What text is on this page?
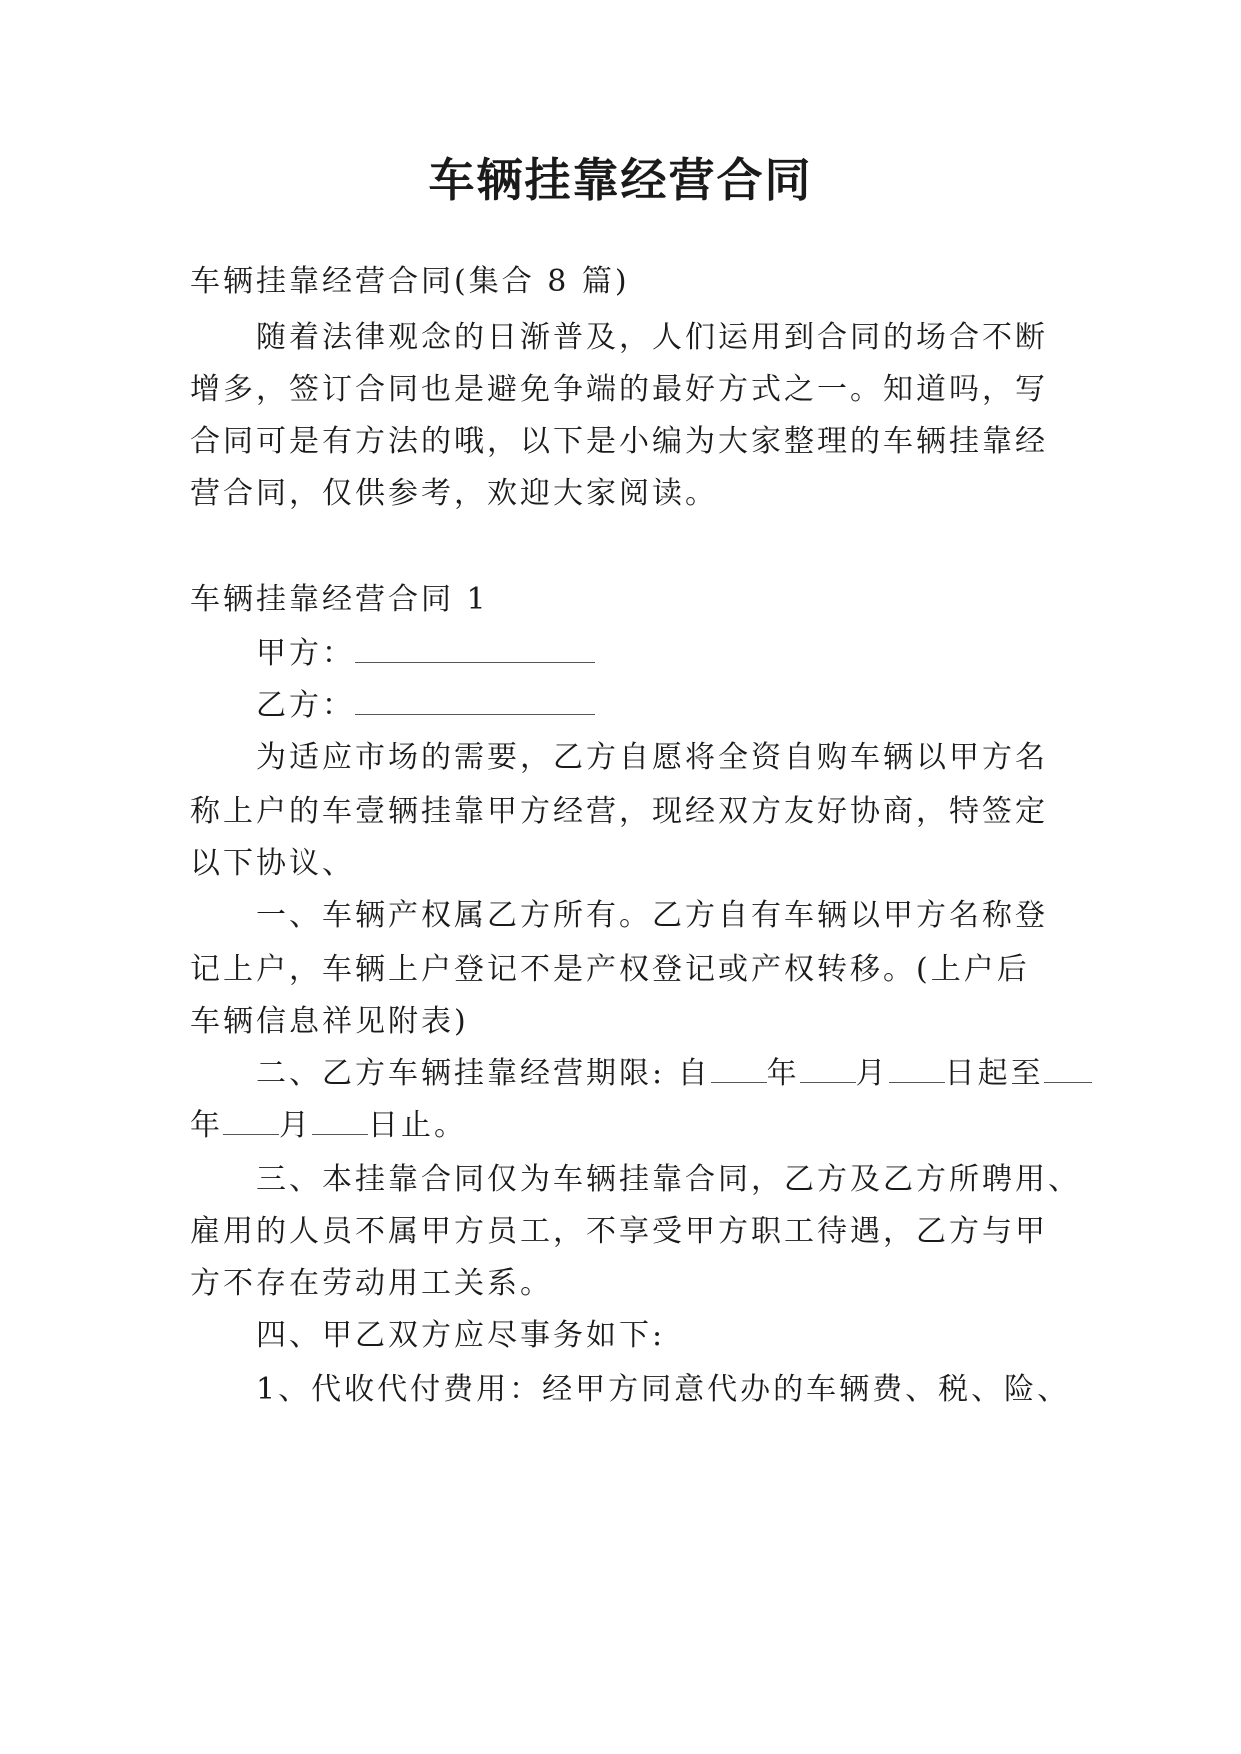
车辆挂靠经营合同
车辆挂靠经营合同(集合 8 篇)
随着法律观念的日渐普及，人们运用到合同的场合不断
增多，签订合同也是避免争端的最好方式之一。知道吗，写
合同可是有方法的哦，以下是小编为大家整理的车辆挂靠经
营合同，仅供参考，欢迎大家阅读。
车辆挂靠经营合同 1
甲方：
乙方：
为适应市场的需要，乙方自愿将全资自购车辆以甲方名
称上户的车壹辆挂靠甲方经营，现经双方友好协商，特签定
以下协议、
一、车辆产权属乙方所有。乙方自有车辆以甲方名称登
记上户，车辆上户登记不是产权登记或产权转移。(上户后
车辆信息祥见附表)
二、乙方车辆挂靠经营期限: 自 年 月 日起至
年 月 日止。
三、本挂靠合同仅为车辆挂靠合同，乙方及乙方所聘用、
雇用的人员不属甲方员工，不享受甲方职工待遇，乙方与甲
方不存在劳动用工关系。
四、甲乙双方应尽事务如下:
1、代收代付费用：经甲方同意代办的车辆费、税、险、
